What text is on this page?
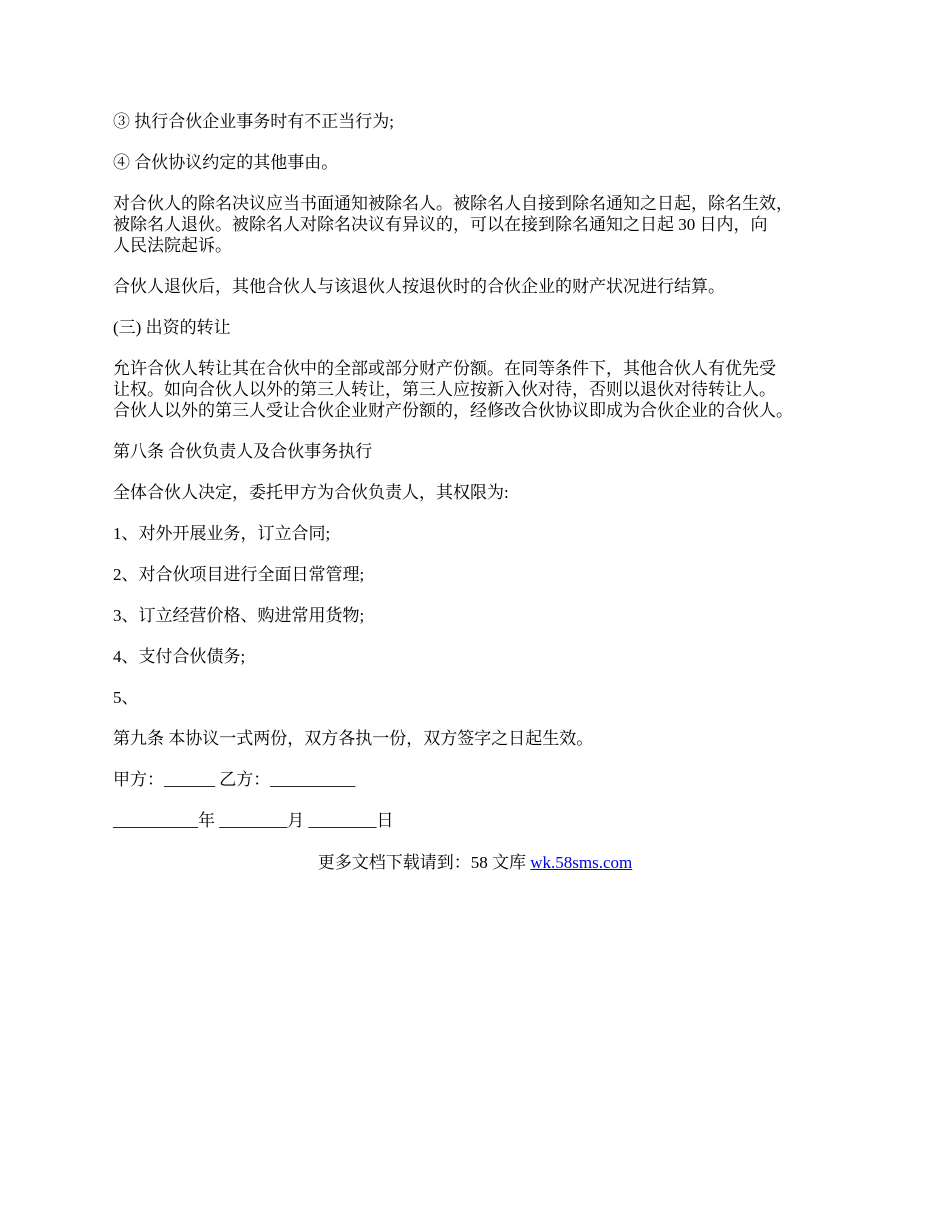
③ 执行合伙企业事务时有不正当行为;

④ 合伙协议约定的其他事由。

对合伙人的除名决议应当书面通知被除名人。被除名人自接到除名通知之日起，除名生效，
被除名人退伙。被除名人对除名决议有异议的，可以在接到除名通知之日起 30 日内，向
人民法院起诉。

合伙人退伙后，其他合伙人与该退伙人按退伙时的合伙企业的财产状况进行结算。

(三) 出资的转让

允许合伙人转让其在合伙中的全部或部分财产份额。在同等条件下，其他合伙人有优先受
让权。如向合伙人以外的第三人转让，第三人应按新入伙对待，否则以退伙对待转让人。
合伙人以外的第三人受让合伙企业财产份额的，经修改合伙协议即成为合伙企业的合伙人。

第八条 合伙负责人及合伙事务执行

全体合伙人决定，委托甲方为合伙负责人，其权限为:

1、对外开展业务，订立合同;

2、对合伙项目进行全面日常管理;

3、订立经营价格、购进常用货物;

4、支付合伙债务;

5、

第九条 本协议一式两份，双方各执一份，双方签字之日起生效。

甲方：______ 乙方：__________

__________年 ________月 ________日

更多文档下载请到：58 文库 wk.58sms.com
